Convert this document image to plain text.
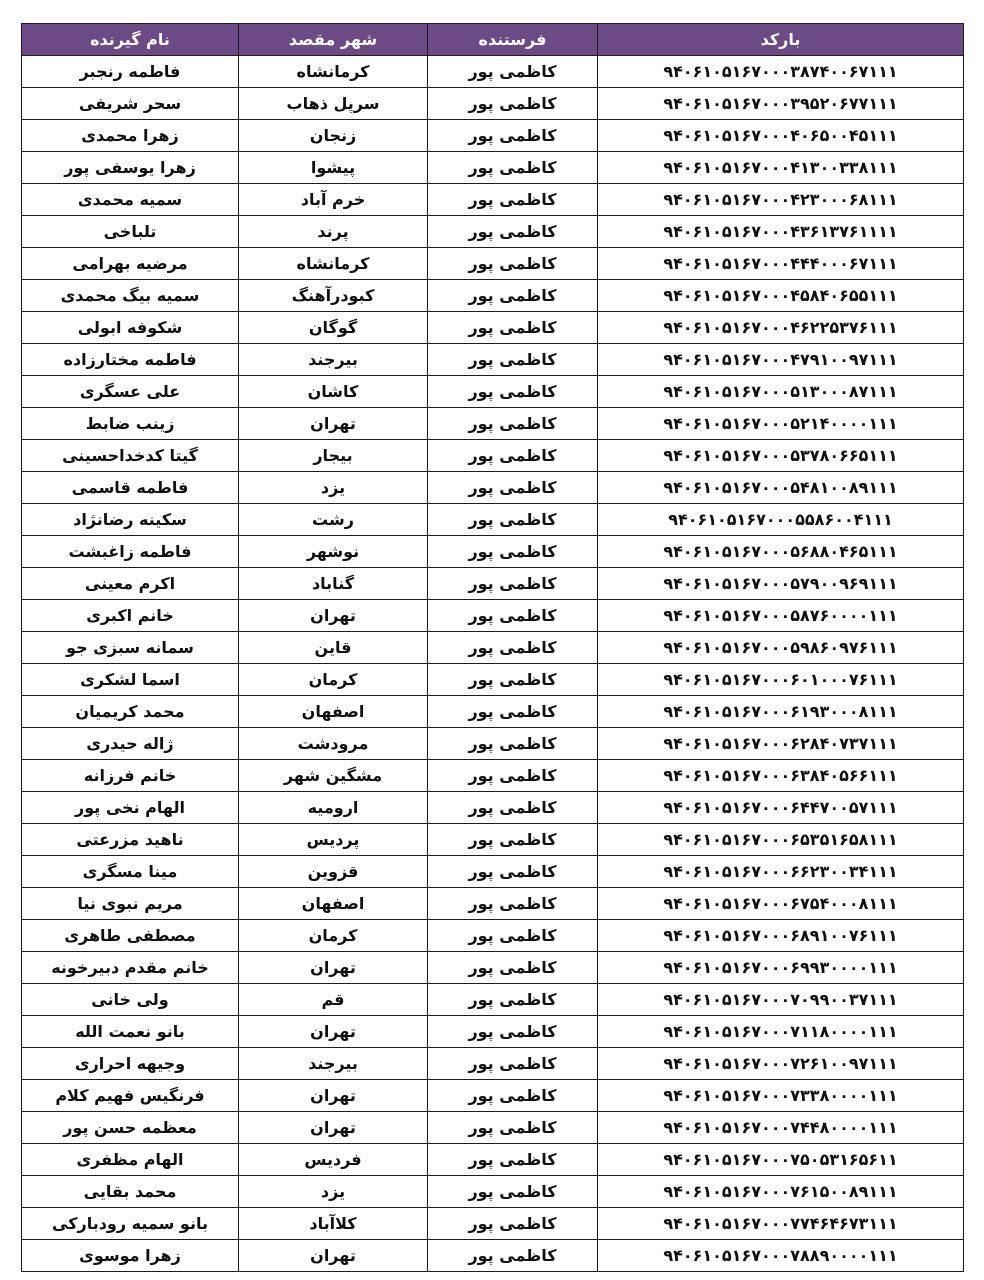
نام گیرنده	شهر مقصد	فرستنده	بارکد
فاطمه رنجبر	کرمانشاه	کاظمی پور	۹۴۰۶۱۰۵۱۶۷۰۰۰۳۸۷۴۰۰۶۷۱۱۱
سحر شریفی	سرپل ذهاب	کاظمی پور	۹۴۰۶۱۰۵۱۶۷۰۰۰۳۹۵۲۰۶۷۷۱۱۱
زهرا محمدی	زنجان	کاظمی پور	۹۴۰۶۱۰۵۱۶۷۰۰۰۴۰۶۵۰۰۴۵۱۱۱
زهرا یوسفی پور	پیشوا	کاظمی پور	۹۴۰۶۱۰۵۱۶۷۰۰۰۴۱۳۰۰۳۳۸۱۱۱
سمیه محمدی	خرم آباد	کاظمی پور	۹۴۰۶۱۰۵۱۶۷۰۰۰۴۲۳۰۰۰۶۸۱۱۱
تلباخی	پرند	کاظمی پور	۹۴۰۶۱۰۵۱۶۷۰۰۰۴۳۶۱۳۷۶۱۱۱۱
مرضیه بهرامی	کرمانشاه	کاظمی پور	۹۴۰۶۱۰۵۱۶۷۰۰۰۴۴۴۰۰۰۶۷۱۱۱
سمیه بیگ محمدی	کبودرآهنگ	کاظمی پور	۹۴۰۶۱۰۵۱۶۷۰۰۰۴۵۸۴۰۶۵۵۱۱۱
شکوفه ابولی	گوگان	کاظمی پور	۹۴۰۶۱۰۵۱۶۷۰۰۰۴۶۲۲۵۳۷۶۱۱۱
فاطمه مختارزاده	بیرجند	کاظمی پور	۹۴۰۶۱۰۵۱۶۷۰۰۰۴۷۹۱۰۰۹۷۱۱۱
علی عسگری	کاشان	کاظمی پور	۹۴۰۶۱۰۵۱۶۷۰۰۰۵۱۳۰۰۰۸۷۱۱۱
زینب ضابط	تهران	کاظمی پور	۹۴۰۶۱۰۵۱۶۷۰۰۰۵۲۱۴۰۰۰۰۱۱۱
گیتا کدخداحسینی	بیجار	کاظمی پور	۹۴۰۶۱۰۵۱۶۷۰۰۰۵۳۷۸۰۶۶۵۱۱۱
فاطمه قاسمی	یزد	کاظمی پور	۹۴۰۶۱۰۵۱۶۷۰۰۰۵۴۸۱۰۰۸۹۱۱۱
سکینه رضانژاد	رشت	کاظمی پور	۹۴۰۶۱۰۵۱۶۷۰۰۰۵۵۸۶۰۰۴۱۱۱
فاطمه زاغبشت	نوشهر	کاظمی پور	۹۴۰۶۱۰۵۱۶۷۰۰۰۵۶۸۸۰۴۶۵۱۱۱
اکرم معینی	گناباد	کاظمی پور	۹۴۰۶۱۰۵۱۶۷۰۰۰۵۷۹۰۰۹۶۹۱۱۱
خانم اکبری	تهران	کاظمی پور	۹۴۰۶۱۰۵۱۶۷۰۰۰۵۸۷۶۰۰۰۰۱۱۱
سمانه سبزی جو	قاین	کاظمی پور	۹۴۰۶۱۰۵۱۶۷۰۰۰۵۹۸۶۰۹۷۶۱۱۱
اسما لشکری	کرمان	کاظمی پور	۹۴۰۶۱۰۵۱۶۷۰۰۰۶۰۱۰۰۰۷۶۱۱۱
محمد کریمیان	اصفهان	کاظمی پور	۹۴۰۶۱۰۵۱۶۷۰۰۰۶۱۹۳۰۰۰۸۱۱۱
ژاله حیدری	مرودشت	کاظمی پور	۹۴۰۶۱۰۵۱۶۷۰۰۰۶۲۸۴۰۷۳۷۱۱۱
خانم فرزانه	مشگین شهر	کاظمی پور	۹۴۰۶۱۰۵۱۶۷۰۰۰۶۳۸۴۰۵۶۶۱۱۱
الهام نخی پور	ارومیه	کاظمی پور	۹۴۰۶۱۰۵۱۶۷۰۰۰۶۴۴۷۰۰۵۷۱۱۱
ناهید مزرعتی	پردیس	کاظمی پور	۹۴۰۶۱۰۵۱۶۷۰۰۰۶۵۳۵۱۶۵۸۱۱۱
مینا مسگری	قزوین	کاظمی پور	۹۴۰۶۱۰۵۱۶۷۰۰۰۶۶۲۳۰۰۳۴۱۱۱
مریم نبوی نیا	اصفهان	کاظمی پور	۹۴۰۶۱۰۵۱۶۷۰۰۰۶۷۵۴۰۰۰۸۱۱۱
مصطفی طاهری	کرمان	کاظمی پور	۹۴۰۶۱۰۵۱۶۷۰۰۰۶۸۹۱۰۰۷۶۱۱۱
خانم مقدم دبیرخونه	تهران	کاظمی پور	۹۴۰۶۱۰۵۱۶۷۰۰۰۶۹۹۳۰۰۰۰۱۱۱
ولی خانی	قم	کاظمی پور	۹۴۰۶۱۰۵۱۶۷۰۰۰۷۰۹۹۰۰۳۷۱۱۱
بانو نعمت الله	تهران	کاظمی پور	۹۴۰۶۱۰۵۱۶۷۰۰۰۷۱۱۸۰۰۰۰۱۱۱
وجیهه احراری	بیرجند	کاظمی پور	۹۴۰۶۱۰۵۱۶۷۰۰۰۷۲۶۱۰۰۹۷۱۱۱
فرنگیس فهیم کلام	تهران	کاظمی پور	۹۴۰۶۱۰۵۱۶۷۰۰۰۷۳۳۸۰۰۰۰۱۱۱
معظمه حسن پور	تهران	کاظمی پور	۹۴۰۶۱۰۵۱۶۷۰۰۰۷۴۴۸۰۰۰۰۱۱۱
الهام مظفری	فردیس	کاظمی پور	۹۴۰۶۱۰۵۱۶۷۰۰۰۷۵۰۵۳۱۶۵۶۱۱
محمد بقایی	یزد	کاظمی پور	۹۴۰۶۱۰۵۱۶۷۰۰۰۷۶۱۵۰۰۸۹۱۱۱
بانو سمیه رودبارکی	کلاآباد	کاظمی پور	۹۴۰۶۱۰۵۱۶۷۰۰۰۷۷۴۶۴۶۷۳۱۱۱
زهرا موسوی	تهران	کاظمی پور	۹۴۰۶۱۰۵۱۶۷۰۰۰۷۸۸۹۰۰۰۰۱۱۱
